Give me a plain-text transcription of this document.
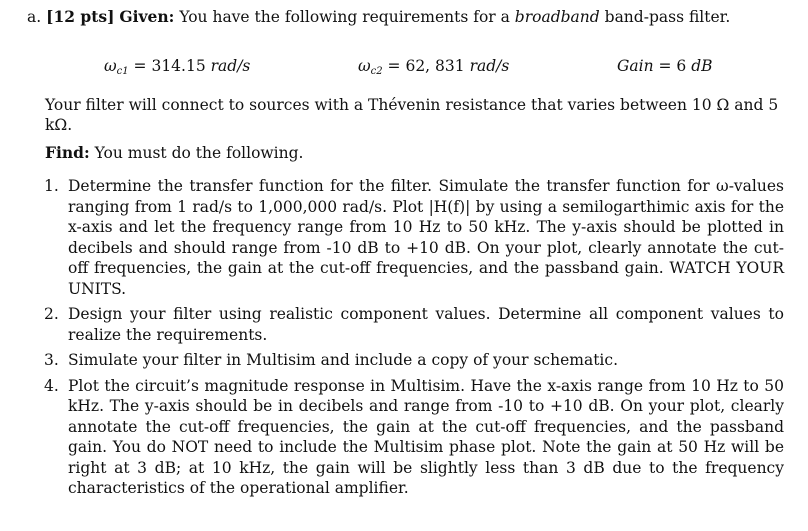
a. [12 pts] Given: You have the following requirements for a broadband band-pass filter.
$\omega_{c1} = 314.15$ rad/s	$\omega_{c2} = 62$, 831 rad/s	Gain = 6 dB
Your filter will connect to sources with a Thévenin resistance that varies between 10 Ω and 5
kΩ.
Find: You must do the following.
1. Determine the transfer function for the filter. Simulate the transfer function for ω-values ranging from 1 rad/s to 1,000,000 rad/s. Plot |H(f)| by using a semilogarthimic axis for the x-axis and let the frequency range from 10 Hz to 50 kHz. The y-axis should be plotted in decibels and should range from -10 dB to +10 dB. On your plot, clearly annotate the cut-off frequencies, the gain at the cut-off frequencies, and the passband gain. WATCH YOUR UNITS.
2. Design your filter using realistic component values. Determine all component values to realize the requirements.
3. Simulate your filter in Multisim and include a copy of your schematic.
4. Plot the circuit’s magnitude response in Multisim. Have the x-axis range from 10 Hz to 50 kHz. The y-axis should be in decibels and range from -10 to +10 dB. On your plot, clearly annotate the cut-off frequencies, the gain at the cut-off frequencies, and the passband gain. You do NOT need to include the Multisim phase plot. Note the gain at 50 Hz will be right at 3 dB; at 10 kHz, the gain will be slightly less than 3 dB due to the frequency characteristics of the operational amplifier.
